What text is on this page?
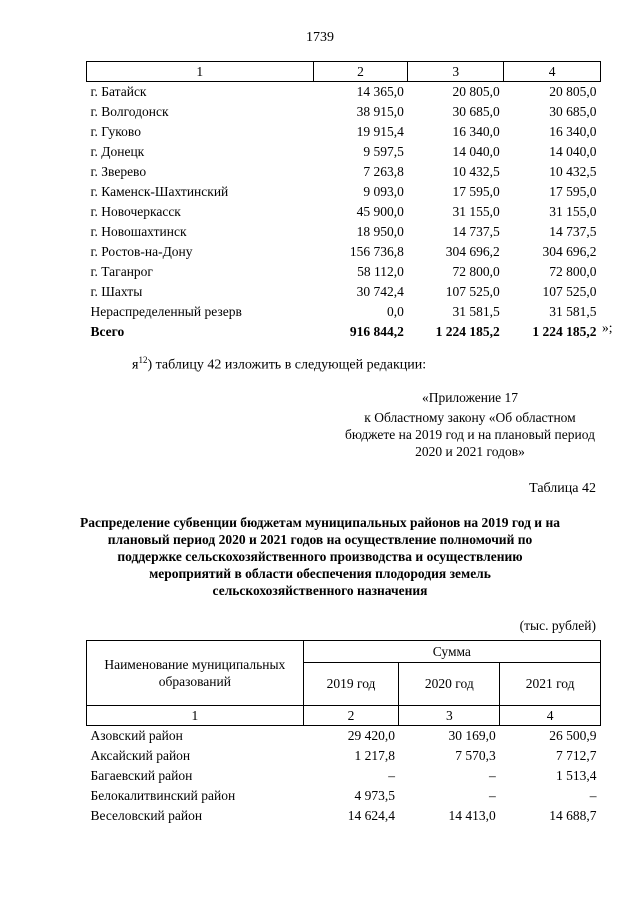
1739
1	2	3	4
г. Батайск	14 365,0	20 805,0	20 805,0
г. Волгодонск	38 915,0	30 685,0	30 685,0
г. Гуково	19 915,4	16 340,0	16 340,0
г. Донецк	9 597,5	14 040,0	14 040,0
г. Зверево	7 263,8	10 432,5	10 432,5
г. Каменск-Шахтинский	9 093,0	17 595,0	17 595,0
г. Новочеркасск	45 900,0	31 155,0	31 155,0
г. Новошахтинск	18 950,0	14 737,5	14 737,5
г. Ростов-на-Дону	156 736,8	304 696,2	304 696,2
г. Таганрог	58 112,0	72 800,0	72 800,0
г. Шахты	30 742,4	107 525,0	107 525,0
Нераспределенный резерв	0,0	31 581,5	31 581,5
Всего	916 844,2	1 224 185,2	1 224 185,2 »;
$я^{12}$) таблицу 42 изложить в следующей редакции:
«Приложение 17
к Областному закону «Об областном бюджете на 2019 год и на плановый период 2020 и 2021 годов»
Таблица 42
Распределение субвенции бюджетам муниципальных районов на 2019 год и на плановый период 2020 и 2021 годов на осуществление полномочий по поддержке сельскохозяйственного производства и осуществлению мероприятий в области обеспечения плодородия земель сельскохозяйственного назначения
(тыс. рублей)
Наименование муниципальных образований	Сумма		
	2019 год	2020 год	2021 год
1	2	3	4
Азовский район	29 420,0	30 169,0	26 500,9
Аксайский район	1 217,8	7 570,3	7 712,7
Багаевский район	–	–	1 513,4
Белокалитвинский район	4 973,5	–	–
Веселовский район	14 624,4	14 413,0	14 688,7
